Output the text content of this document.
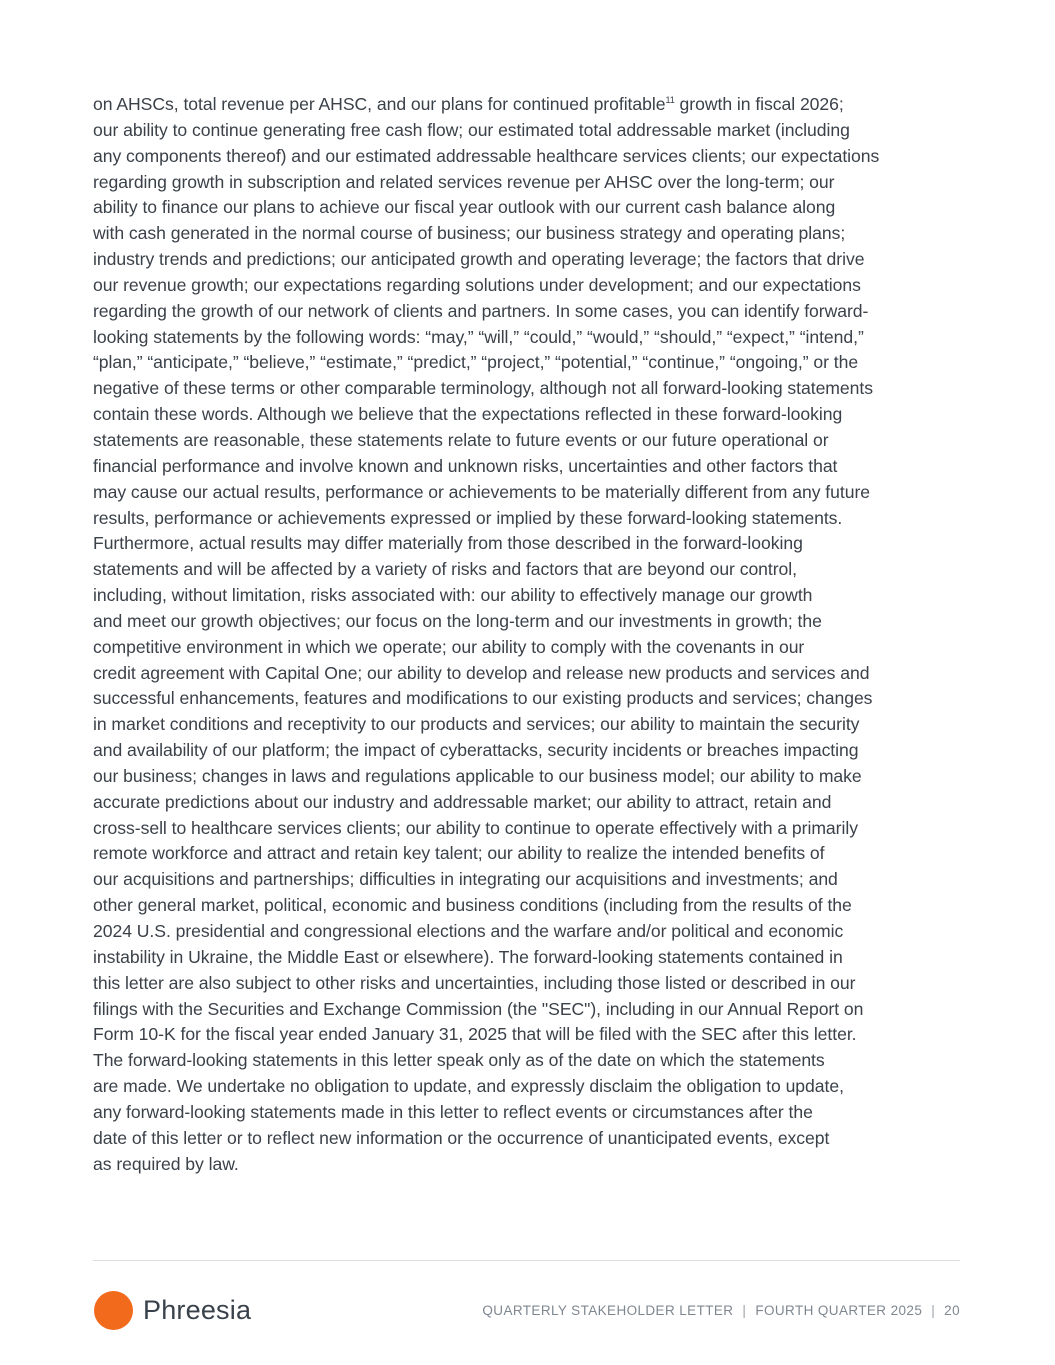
on AHSCs, total revenue per AHSC, and our plans for continued profitable$^{11}$ growth in fiscal 2026;
our ability to continue generating free cash flow; our estimated total addressable market (including
any components thereof) and our estimated addressable healthcare services clients; our expectations
regarding growth in subscription and related services revenue per AHSC over the long-term; our
ability to finance our plans to achieve our fiscal year outlook with our current cash balance along
with cash generated in the normal course of business; our business strategy and operating plans;
industry trends and predictions; our anticipated growth and operating leverage; the factors that drive
our revenue growth; our expectations regarding solutions under development; and our expectations
regarding the growth of our network of clients and partners. In some cases, you can identify forward-
looking statements by the following words: “may,” “will,” “could,” “would,” “should,” “expect,” “intend,”
“plan,” “anticipate,” “believe,” “estimate,” “predict,” “project,” “potential,” “continue,” “ongoing,” or the
negative of these terms or other comparable terminology, although not all forward-looking statements
contain these words. Although we believe that the expectations reflected in these forward-looking
statements are reasonable, these statements relate to future events or our future operational or
financial performance and involve known and unknown risks, uncertainties and other factors that
may cause our actual results, performance or achievements to be materially different from any future
results, performance or achievements expressed or implied by these forward-looking statements.
Furthermore, actual results may differ materially from those described in the forward-looking
statements and will be affected by a variety of risks and factors that are beyond our control,
including, without limitation, risks associated with: our ability to effectively manage our growth
and meet our growth objectives; our focus on the long-term and our investments in growth; the
competitive environment in which we operate; our ability to comply with the covenants in our
credit agreement with Capital One; our ability to develop and release new products and services and
successful enhancements, features and modifications to our existing products and services; changes
in market conditions and receptivity to our products and services; our ability to maintain the security
and availability of our platform; the impact of cyberattacks, security incidents or breaches impacting
our business; changes in laws and regulations applicable to our business model; our ability to make
accurate predictions about our industry and addressable market; our ability to attract, retain and
cross-sell to healthcare services clients; our ability to continue to operate effectively with a primarily
remote workforce and attract and retain key talent; our ability to realize the intended benefits of
our acquisitions and partnerships; difficulties in integrating our acquisitions and investments; and
other general market, political, economic and business conditions (including from the results of the
2024 U.S. presidential and congressional elections and the warfare and/or political and economic
instability in Ukraine, the Middle East or elsewhere). The forward-looking statements contained in
this letter are also subject to other risks and uncertainties, including those listed or described in our
filings with the Securities and Exchange Commission (the "SEC"), including in our Annual Report on
Form 10-K for the fiscal year ended January 31, 2025 that will be filed with the SEC after this letter.
The forward-looking statements in this letter speak only as of the date on which the statements
are made. We undertake no obligation to update, and expressly disclaim the obligation to update,
any forward-looking statements made in this letter to reflect events or circumstances after the
date of this letter or to reflect new information or the occurrence of unanticipated events, except
as required by law.
Phreesia	QUARTERLY STAKEHOLDER LETTER | FOURTH QUARTER 2025 | 20
